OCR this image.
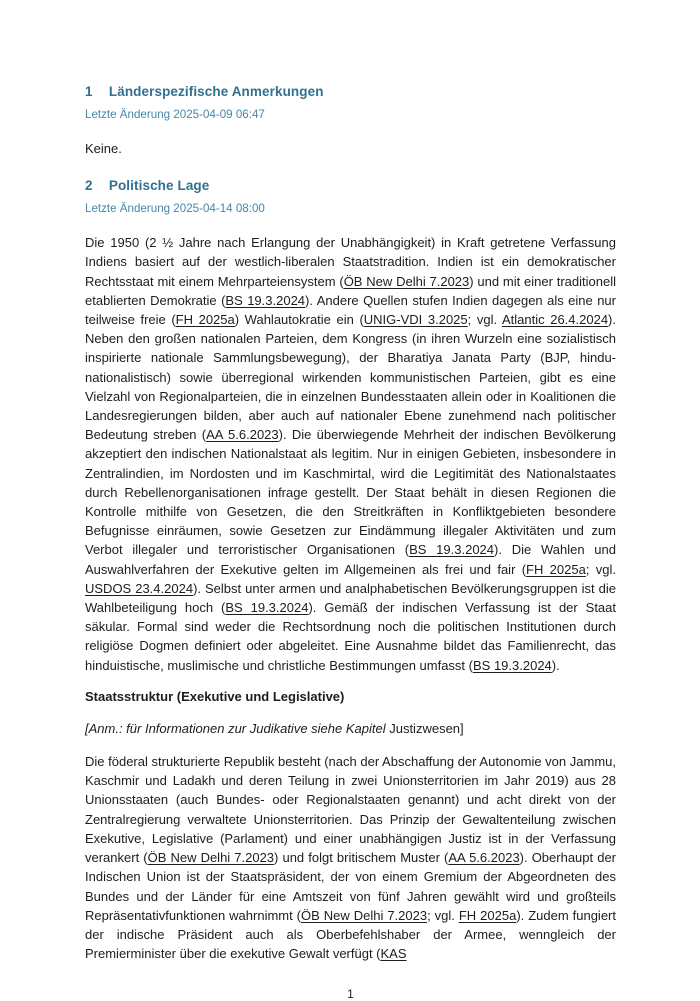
1 Länderspezifische Anmerkungen
Letzte Änderung 2025-04-09 06:47

Keine.

2 Politische Lage
Letzte Änderung 2025-04-14 08:00

Die 1950 (2 ½ Jahre nach Erlangung der Unabhängigkeit) in Kraft getretene Verfassung Indiens basiert auf der westlich-liberalen Staatstradition. Indien ist ein demokratischer Rechtsstaat mit einem Mehrparteiensystem (ÖB New Delhi 7.2023) und mit einer traditionell etablierten Demokratie (BS 19.3.2024). Andere Quellen stufen Indien dagegen als eine nur teilweise freie (FH 2025a) Wahlautokratie ein (UNIG-VDI 3.2025; vgl. Atlantic 26.4.2024). Neben den großen nationalen Parteien, dem Kongress (in ihren Wurzeln eine sozialistisch inspirierte nationale Sammlungsbewegung), der Bharatiya Janata Party (BJP, hindu-nationalistisch) sowie überregional wirkenden kommunistischen Parteien, gibt es eine Vielzahl von Regionalparteien, die in einzelnen Bundesstaaten allein oder in Koalitionen die Landesregierungen bilden, aber auch auf nationaler Ebene zunehmend nach politischer Bedeutung streben (AA 5.6.2023). Die überwiegende Mehrheit der indischen Bevölkerung akzeptiert den indischen Nationalstaat als legitim. Nur in einigen Gebieten, insbesondere in Zentralindien, im Nordosten und im Kaschmirtal, wird die Legitimität des Nationalstaates durch Rebellenorganisationen infrage gestellt. Der Staat behält in diesen Regionen die Kontrolle mithilfe von Gesetzen, die den Streitkräften in Konfliktgebieten besondere Befugnisse einräumen, sowie Gesetzen zur Eindämmung illegaler Aktivitäten und zum Verbot illegaler und terroristischer Organisationen (BS 19.3.2024). Die Wahlen und Auswahlverfahren der Exekutive gelten im Allgemeinen als frei und fair (FH 2025a; vgl. USDOS 23.4.2024). Selbst unter armen und analphabetischen Bevölkerungsgruppen ist die Wahlbeteiligung hoch (BS 19.3.2024). Gemäß der indischen Verfassung ist der Staat säkular. Formal sind weder die Rechtsordnung noch die politischen Institutionen durch religiöse Dogmen definiert oder abgeleitet. Eine Ausnahme bildet das Familienrecht, das hinduistische, muslimische und christliche Bestimmungen umfasst (BS 19.3.2024).

Staatsstruktur (Exekutive und Legislative)

[Anm.: für Informationen zur Judikative siehe Kapitel Justizwesen]

Die föderal strukturierte Republik besteht (nach der Abschaffung der Autonomie von Jammu, Kaschmir und Ladakh und deren Teilung in zwei Unionsterritorien im Jahr 2019) aus 28 Unionsstaaten (auch Bundes- oder Regionalstaaten genannt) und acht direkt von der Zentralregierung verwaltete Unionsterritorien. Das Prinzip der Gewaltenteilung zwischen Exekutive, Legislative (Parlament) und einer unabhängigen Justiz ist in der Verfassung verankert (ÖB New Delhi 7.2023) und folgt britischem Muster (AA 5.6.2023). Oberhaupt der Indischen Union ist der Staatspräsident, der von einem Gremium der Abgeordneten des Bundes und der Länder für eine Amtszeit von fünf Jahren gewählt wird und großteils Repräsentativfunktionen wahrnimmt (ÖB New Delhi 7.2023; vgl. FH 2025a). Zudem fungiert der indische Präsident auch als Oberbefehlshaber der Armee, wenngleich der Premierminister über die exekutive Gewalt verfügt (KAS

1
